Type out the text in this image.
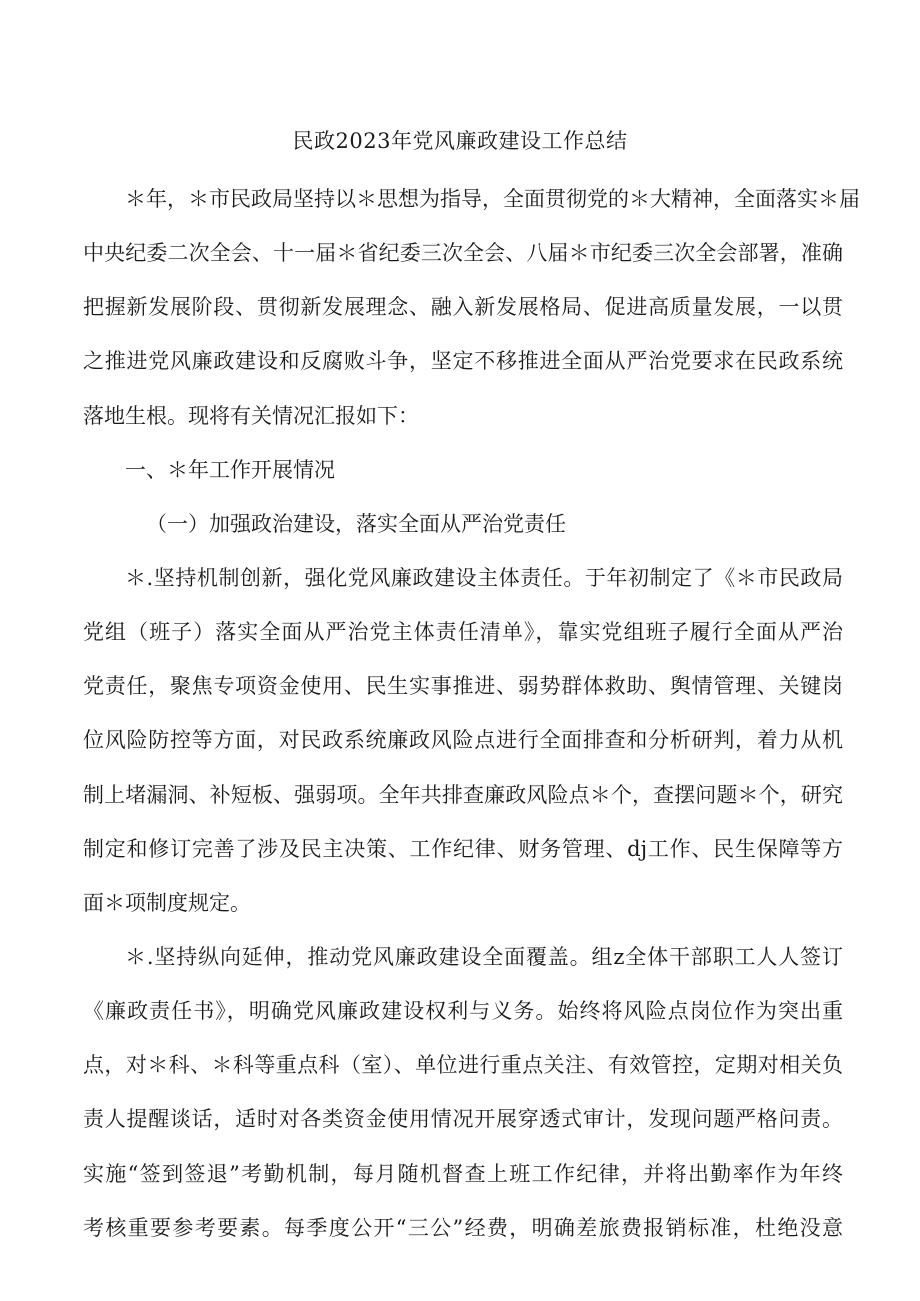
民政2023年党风廉政建设工作总结
＊年，＊市民政局坚持以＊思想为指导，全面贯彻党的＊大精神，全面落实＊届
中央纪委二次全会、十一届＊省纪委三次全会、八届＊市纪委三次全会部署，准确
把握新发展阶段、贯彻新发展理念、融入新发展格局、促进高质量发展，一以贯
之推进党风廉政建设和反腐败斗争，坚定不移推进全面从严治党要求在民政系统
落地生根。现将有关情况汇报如下：
一、＊年工作开展情况
（一）加强政治建设，落实全面从严治党责任
＊.坚持机制创新，强化党风廉政建设主体责任。于年初制定了《＊市民政局
党组（班子）落实全面从严治党主体责任清单》，靠实党组班子履行全面从严治
党责任，聚焦专项资金使用、民生实事推进、弱势群体救助、舆情管理、关键岗
位风险防控等方面，对民政系统廉政风险点进行全面排查和分析研判，着力从机
制上堵漏洞、补短板、强弱项。全年共排查廉政风险点＊个，查摆问题＊个，研究
制定和修订完善了涉及民主决策、工作纪律、财务管理、dj工作、民生保障等方
面＊项制度规定。
＊.坚持纵向延伸，推动党风廉政建设全面覆盖。组z全体干部职工人人签订
《廉政责任书》，明确党风廉政建设权利与义务。始终将风险点岗位作为突出重
点，对＊科、＊科等重点科（室）、单位进行重点关注、有效管控，定期对相关负
责人提醒谈话，适时对各类资金使用情况开展穿透式审计，发现问题严格问责。
实施“签到签退”考勤机制，每月随机督查上班工作纪律，并将出勤率作为年终
考核重要参考要素。每季度公开“三公”经费，明确差旅费报销标准，杜绝没意
